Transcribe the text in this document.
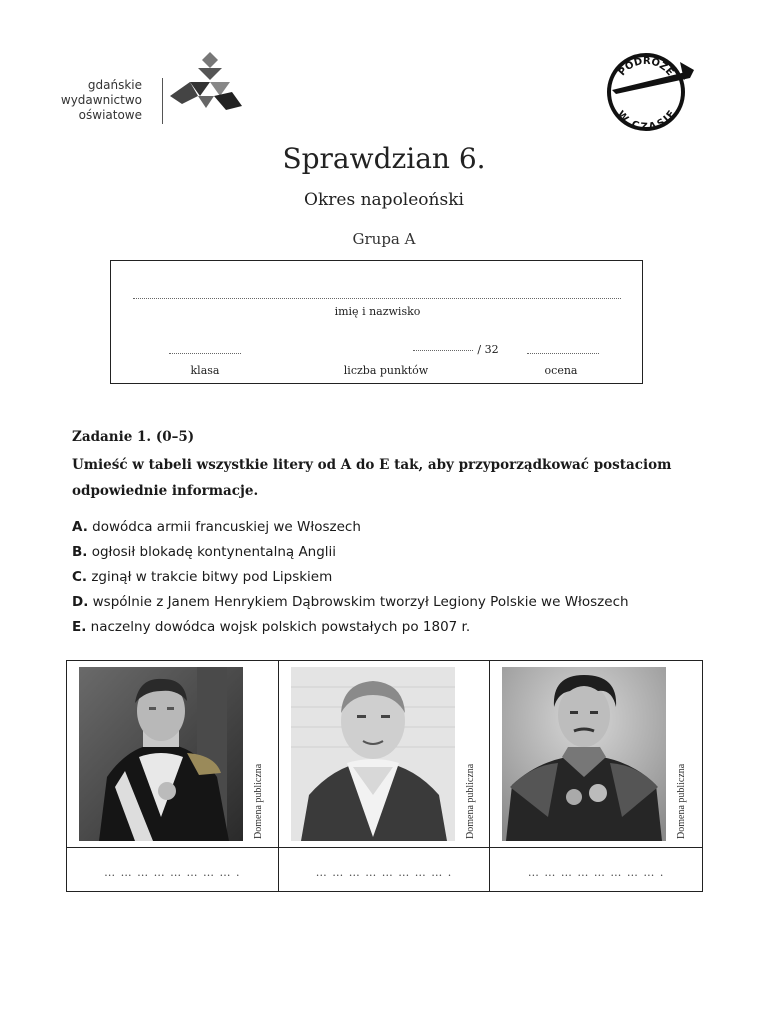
gdańskie
wydawnictwo
oświatowe
PODRÓŻE
W CZASIE
Sprawdzian 6.
Okres napoleoński
Grupa A
imię i nazwisko
/ 32
klasa	liczba punktów	ocena
Zadanie 1. (0–5)
Umieść w tabeli wszystkie litery od A do E tak, aby przyporządkować postaciom odpowiednie informacje.
A. dowódca armii francuskiej we Włoszech
B. ogłosił blokadę kontynentalną Anglii
C. zginął w trakcie bitwy pod Lipskiem
D. wspólnie z Janem Henrykiem Dąbrowskim tworzył Legiony Polskie we Włoszech
E. naczelny dowódca wojsk polskich powstałych po 1807 r.
Domena publiczna	Domena publiczna	Domena publiczna
… … … … … … … … .	… … … … … … … … .	… … … … … … … … .
